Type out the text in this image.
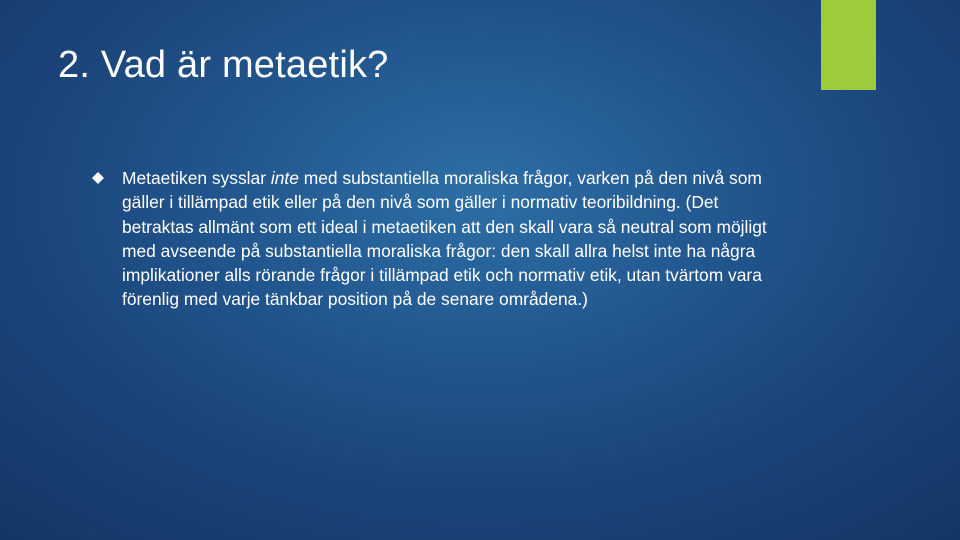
2. Vad är metaetik?

Metaetiken sysslar inte med substantiella moraliska frågor, varken på den nivå som gäller i tillämpad etik eller på den nivå som gäller i normativ teoribildning. (Det betraktas allmänt som ett ideal i metaetiken att den skall vara så neutral som möjligt med avseende på substantiella moraliska frågor: den skall allra helst inte ha några implikationer alls rörande frågor i tillämpad etik och normativ etik, utan tvärtom vara förenlig med varje tänkbar position på de senare områdena.)
